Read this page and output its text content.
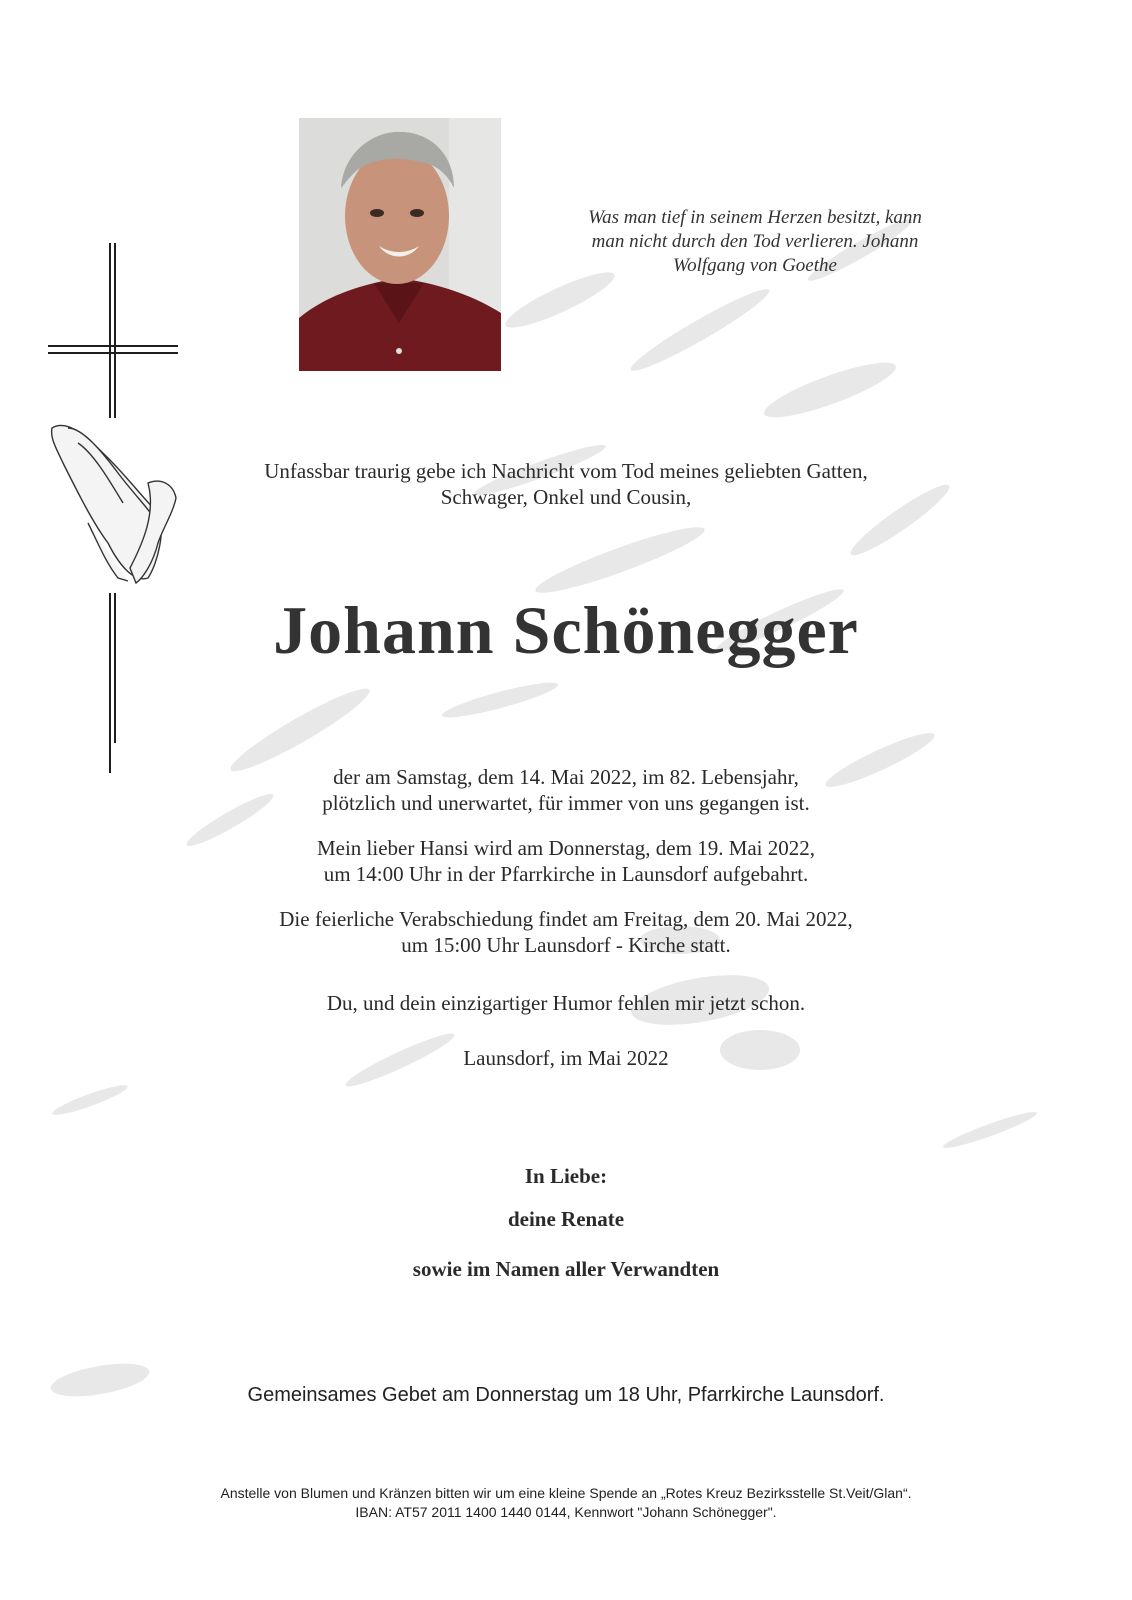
Was man tief in seinem Herzen besitzt, kann
man nicht durch den Tod verlieren. Johann
Wolfgang von Goethe
Unfassbar traurig gebe ich Nachricht vom Tod meines geliebten Gatten,
Schwager, Onkel und Cousin,
Johann Schönegger
der am Samstag, dem 14. Mai 2022, im 82. Lebensjahr,
plötzlich und unerwartet, für immer von uns gegangen ist.
Mein lieber Hansi wird am Donnerstag, dem 19. Mai 2022,
um 14:00 Uhr in der Pfarrkirche in Launsdorf aufgebahrt.
Die feierliche Verabschiedung findet am Freitag, dem 20. Mai 2022,
um 15:00 Uhr Launsdorf - Kirche statt.
Du, und dein einzigartiger Humor fehlen mir jetzt schon.
Launsdorf, im Mai 2022
In Liebe:
deine Renate
sowie im Namen aller Verwandten
Gemeinsames Gebet am Donnerstag um 18 Uhr, Pfarrkirche Launsdorf.
Anstelle von Blumen und Kränzen bitten wir um eine kleine Spende an „Rotes Kreuz Bezirksstelle St.Veit/Glan“.
IBAN: AT57 2011 1400 1440 0144, Kennwort "Johann Schönegger".
